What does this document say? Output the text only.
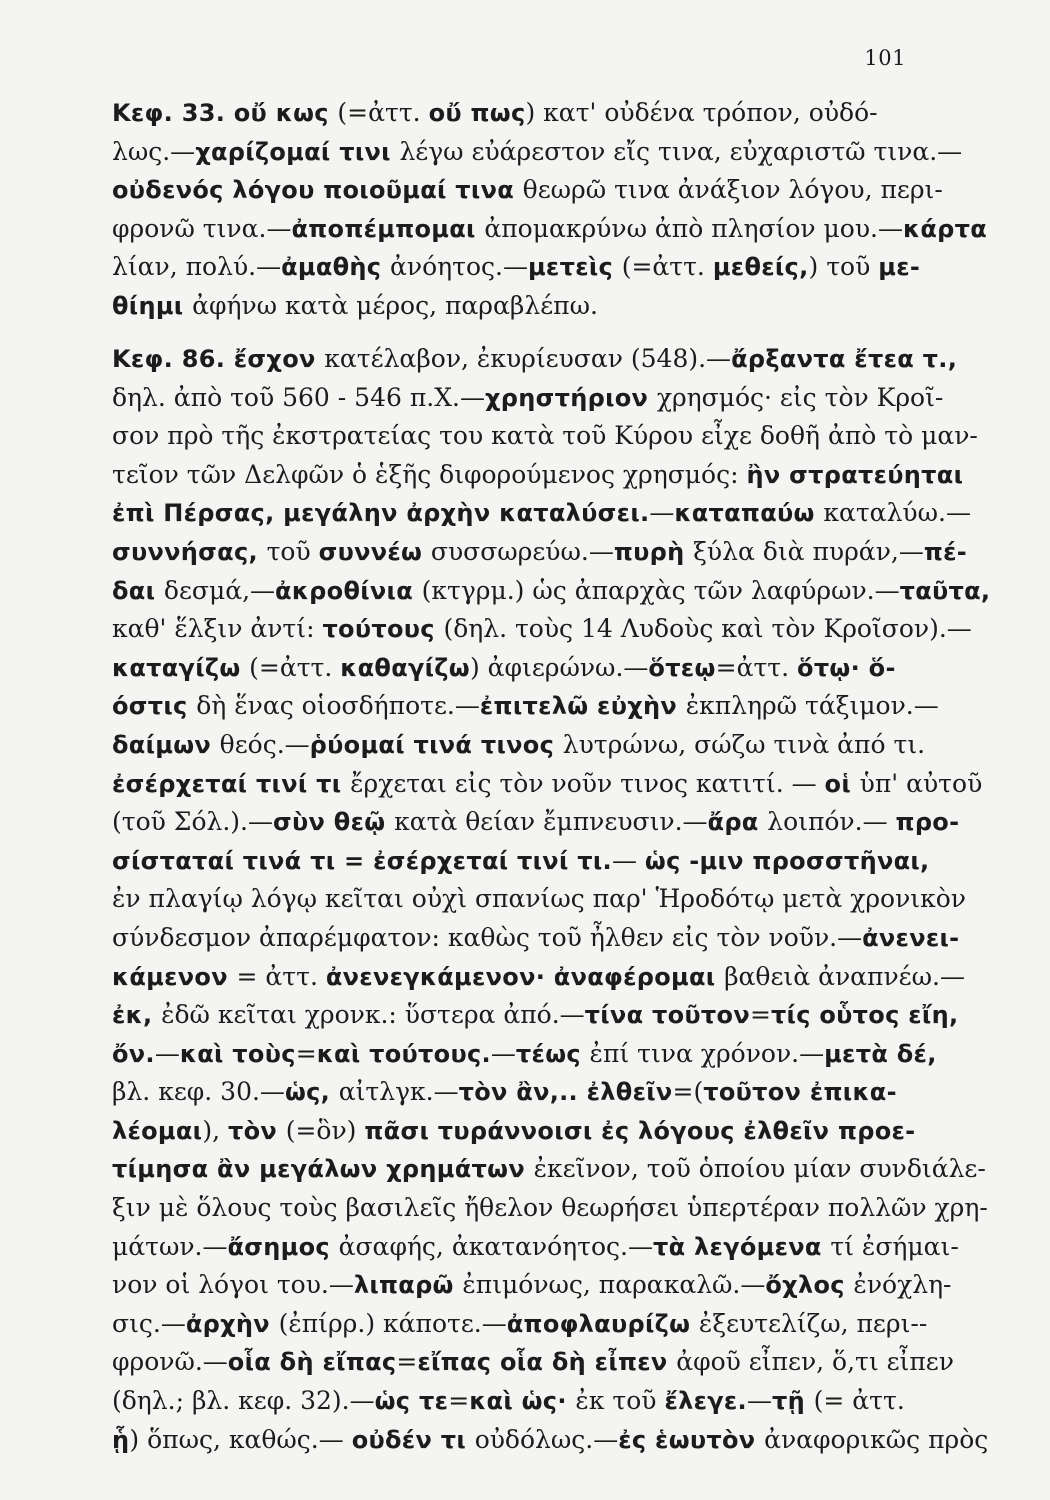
101
Κεφ. 33. οὔ κως (=ἀττ. οὔ πως) κατ' οὐδένα τρόπον, οὐδό-
λως.—χαρίζομαί τινι λέγω εὐάρεστον εἴς τινα, εὐχαριστῶ τινα.—
οὐδενός λόγου ποιοῦμαί τινα θεωρῶ τινα ἀνάξιον λόγου, περι-
φρονῶ τινα.—ἀποπέμπομαι ἀπομακρύνω ἀπὸ πλησίον μου.—κάρτα
λίαν, πολύ.—ἀμαθὴς ἀνόητος.—μετεὶς (=ἀττ. μεθείς,) τοῦ με-
θίημι ἀφήνω κατὰ μέρος, παραβλέπω.
Κεφ. 86. ἔσχον κατέλαβον, ἐκυρίευσαν (548).—ἄρξαντα ἔτεα τ.,
δηλ. ἀπὸ τοῦ 560 - 546 π.Χ.—χρηστήριον χρησμός· εἰς τὸν Κροῖ-
σον πρὸ τῆς ἐκστρατείας του κατὰ τοῦ Κύρου εἶχε δοθῆ ἀπὸ τὸ μαν-
τεῖον τῶν Δελφῶν ὁ ἑξῆς διφορούμενος χρησμός: ἢν στρατεύηται
ἐπὶ Πέρσας, μεγάλην ἀρχὴν καταλύσει.—καταπαύω καταλύω.—
συννήσας, τοῦ συννέω συσσωρεύω.—πυρὴ ξύλα διὰ πυράν,—πέ-
δαι δεσμά,—ἀκροθίνια (κτγρμ.) ὡς ἀπαρχὰς τῶν λαφύρων.—ταῦτα,
καθ' ἕλξιν ἀντί: τούτους (δηλ. τοὺς 14 Λυδοὺς καὶ τὸν Κροῖσον).—
καταγίζω (=ἀττ. καθαγίζω) ἀφιερώνω.—ὅτεῳ=ἀττ. ὅτῳ· ὅ-
όστις δὴ ἕνας οἱοσδήποτε.—ἐπιτελῶ εὐχὴν ἐκπληρῶ τάξιμον.—
δαίμων θεός.—ῥύομαί τινά τινος λυτρώνω, σώζω τινὰ ἀπό τι.
ἐσέρχεταί τινί τι ἔρχεται εἰς τὸν νοῦν τινος κατιτί. — οἱ ὑπ' αὐτοῦ
(τοῦ Σόλ.).—σὺν θεῷ κατὰ θείαν ἔμπνευσιν.—ἄρα λοιπόν.— προ-
σίσταταί τινά τι = ἐσέρχεταί τινί τι.— ὡς -μιν προσστῆναι,
ἐν πλαγίῳ λόγῳ κεῖται οὐχὶ σπανίως παρ' Ἡροδότῳ μετὰ χρονικὸν
σύνδεσμον ἀπαρέμφατον: καθὼς τοῦ ἦλθεν εἰς τὸν νοῦν.—ἀνενει-
κάμενον = ἀττ. ἀνενεγκάμενον· ἀναφέρομαι βαθειὰ ἀναπνέω.—
ἐκ, ἐδῶ κεῖται χρονκ.: ὕστερα ἀπό.—τίνα τοῦτον=τίς οὗτος εἴη,
ὄν.—καὶ τοὺς=καὶ τούτους.—τέως ἐπί τινα χρόνον.—μετὰ δέ,
βλ. κεφ. 30.—ὡς, αἰτλγκ.—τὸν ἂν,.. ἐλθεῖν=(τοῦτον ἐπικα-
λέομαι), τὸν (=ὃν) πᾶσι τυράννοισι ἐς λόγους ἐλθεῖν προε-
τίμησα ἂν μεγάλων χρημάτων ἐκεῖνον, τοῦ ὁποίου μίαν συνδιάλε-
ξιν μὲ ὅλους τοὺς βασιλεῖς ἤθελον θεωρήσει ὑπερτέραν πολλῶν χρη-
μάτων.—ἄσημος ἀσαφής, ἀκατανόητος.—τὰ λεγόμενα τί ἐσήμαι-
νον οἱ λόγοι του.—λιπαρῶ ἐπιμόνως, παρακαλῶ.—ὄχλος ἐνόχλη-
σις.—ἀρχὴν (ἐπίρρ.) κάποτε.—ἀποφλαυρίζω ἐξευτελίζω, περι--
φρονῶ.—οἷα δὴ εἴπας=εἴπας οἷα δὴ εἶπεν ἀφοῦ εἶπεν, ὅ,τι εἶπεν
(δηλ.; βλ. κεφ. 32).—ὡς τε=καὶ ὡς· ἐκ τοῦ ἔλεγε.—τῇ (= ἀττ.
ᾗ) ὅπως, καθώς.— οὐδέν τι οὐδόλως.—ἐς ἑωυτὸν ἀναφορικῶς πρὸς
